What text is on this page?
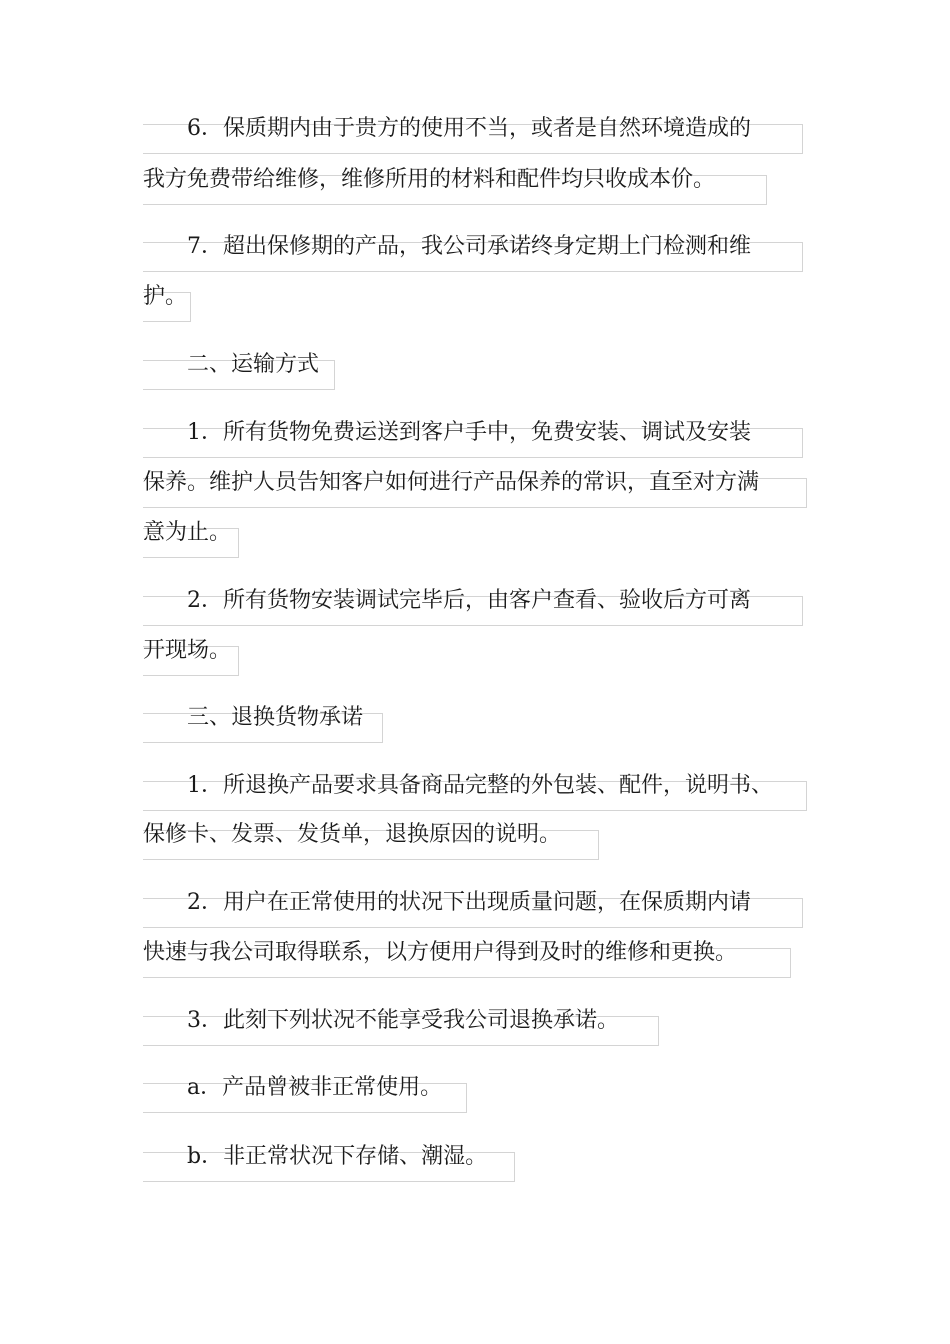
　　6．保质期内由于贵方的使用不当，或者是自然环境造成的
我方免费带给维修，维修所用的材料和配件均只收成本价。
　　7．超出保修期的产品，我公司承诺终身定期上门检测和维
护。
　　二、运输方式
　　1．所有货物免费运送到客户手中，免费安装、调试及安装
保养。维护人员告知客户如何进行产品保养的常识，直至对方满
意为止。
　　2．所有货物安装调试完毕后，由客户查看、验收后方可离
开现场。
　　三、退换货物承诺
　　1．所退换产品要求具备商品完整的外包装、配件，说明书、
保修卡、发票、发货单，退换原因的说明。
　　2．用户在正常使用的状况下出现质量问题，在保质期内请
快速与我公司取得联系，以方便用户得到及时的维修和更换。
　　3．此刻下列状况不能享受我公司退换承诺。
　　a．产品曾被非正常使用。
　　b．非正常状况下存储、潮湿。
